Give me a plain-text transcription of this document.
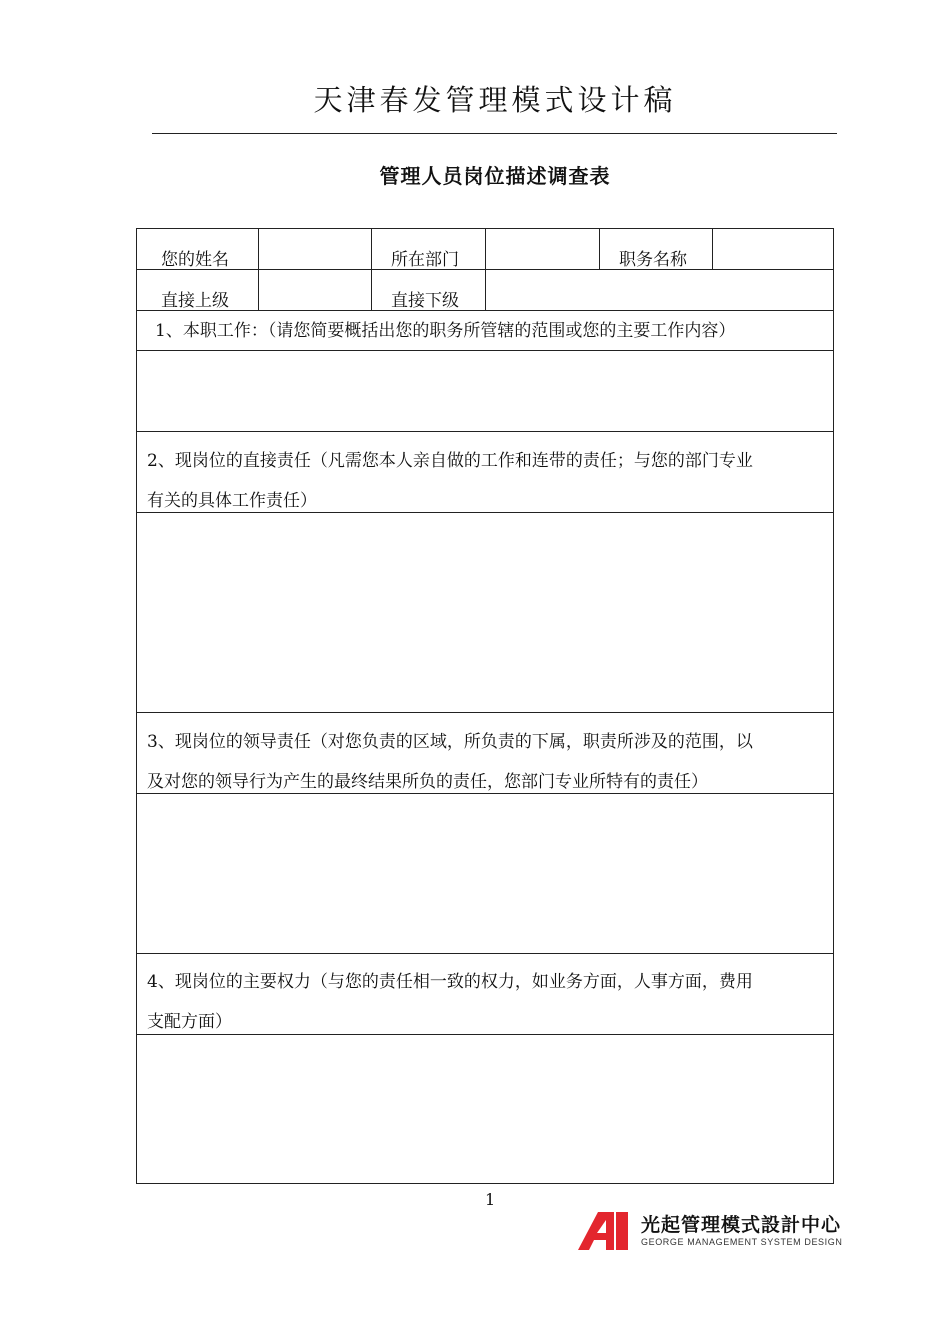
天津春发管理模式设计稿
管理人员岗位描述调查表
您的姓名	所在部门	职务名称
直接上级	直接下级
1、本职工作：（请您简要概括出您的职务所管辖的范围或您的主要工作内容）
2、现岗位的直接责任（凡需您本人亲自做的工作和连带的责任；与您的部门专业
有关的具体工作责任）
3、现岗位的领导责任（对您负责的区域，所负责的下属，职责所涉及的范围，以
及对您的领导行为产生的最终结果所负的责任，您部门专业所特有的责任）
4、现岗位的主要权力（与您的责任相一致的权力，如业务方面，人事方面，费用
支配方面）
1
光起管理模式設計中心
GEORGE MANAGEMENT SYSTEM DESIGN
